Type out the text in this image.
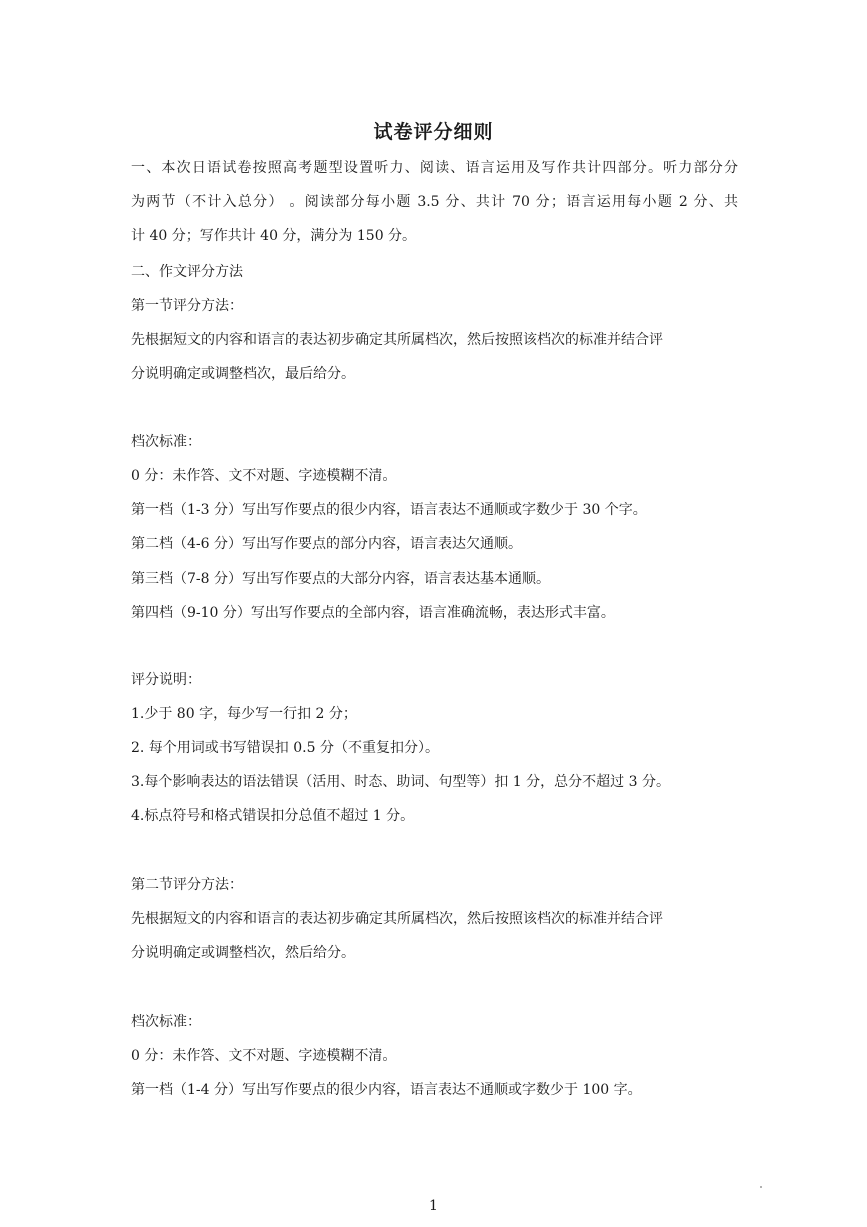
试卷评分细则
一、本次日语试卷按照高考题型设置听力、阅读、语言运用及写作共计四部分。听力部分分
为两节（不计入总分） 。阅读部分每小题 3.5 分、共计 70 分；语言运用每小题 2 分、共
计 40 分；写作共计 40 分，满分为 150 分。
二、作文评分方法
第一节评分方法：
先根据短文的内容和语言的表达初步确定其所属档次，然后按照该档次的标准并结合评
分说明确定或调整档次，最后给分。
档次标准：
0 分：未作答、文不对题、字迹模糊不清。
第一档（1-3 分）写出写作要点的很少内容，语言表达不通顺或字数少于 30 个字。
第二档（4-6 分）写出写作要点的部分内容，语言表达欠通顺。
第三档（7-8 分）写出写作要点的大部分内容，语言表达基本通顺。
第四档（9-10 分）写出写作要点的全部内容，语言准确流畅，表达形式丰富。
评分说明：
1.少于 80 字，每少写一行扣 2 分；
2. 每个用词或书写错误扣 0.5 分（不重复扣分）。
3.每个影响表达的语法错误（活用、时态、助词、句型等）扣 1 分，总分不超过 3 分。
4.标点符号和格式错误扣分总值不超过 1 分。
第二节评分方法：
先根据短文的内容和语言的表达初步确定其所属档次，然后按照该档次的标准并结合评
分说明确定或调整档次，然后给分。
档次标准：
0 分：未作答、文不对题、字迹模糊不清。
第一档（1-4 分）写出写作要点的很少内容，语言表达不通顺或字数少于 100 字。
1
